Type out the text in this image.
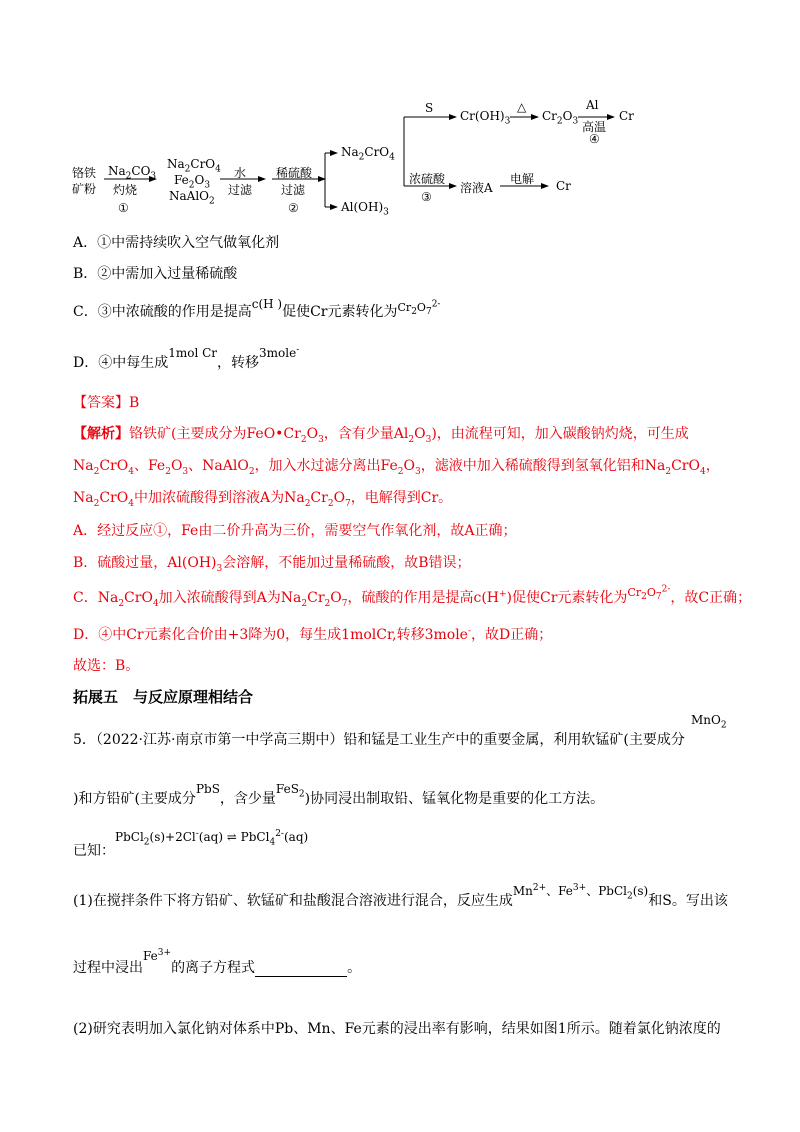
铬铁
矿粉
$Na_2CO_3$
灼烧
①
$Na_2CrO_4$
$Fe_2O_3$
NaAlO$_2$
水
过滤
稀硫酸
过滤
②
$Na_2CrO_4$
$Al(OH)_3$
S
$Cr(OH)_3$
△
$Cr_2O_3$
Al
高温
④
Cr
浓硫酸
③
溶液A
电解 Cr
A．①中需持续吹入空气做氧化剂
B．②中需加入过量稀硫酸
C．③中浓硫酸的作用是提高c(H )促使Cr元素转化为$^{Cr_2O_7^{2-}}$
D．④中每生成1mol Cr，转移3mole-
【答案】B
【解析】铬铁矿(主要成分为$FeO•Cr_2O_3$，含有少量$Al_2O_3$)，由流程可知，加入碳酸钠灼烧，可生成
$Na_2CrO_4$、$Fe_2O_3$、NaAlO$_2$，加入水过滤分离出$Fe_2O_3$，滤液中加入稀硫酸得到氢氧化铝和$Na_2CrO_4$，
$Na_2CrO_4$中加浓硫酸得到溶液A为$Na_2Cr_2O_7$，电解得到Cr。
A．经过反应①，Fe由二价升高为三价，需要空气作氧化剂，故A正确；
B．硫酸过量，$Al(OH)_3$会溶解，不能加过量稀硫酸，故B错误；
C．$Na_2CrO_4$加入浓硫酸得到A为$Na_2Cr_2O_7$，硫酸的作用是提高c(H+)促使Cr元素转化为$^{Cr_2O_7^{2-}}$，故C正确；
D．④中Cr元素化合价由+3降为0，每生成1molCr,转移3mole-，故D正确；
故选：B。
拓展五　与反应原理相结合
5．（2022·江苏·南京市第一中学高三期中）铅和锰是工业生产中的重要金属，利用软锰矿(主要成分
MnO$_2$
)和方铅矿(主要成分PbS，含少量FeS$_2$)协同浸出制取铅、锰氧化物是重要的化工方法。
已知：
PbCl$_2$(s)+2Cl-(aq) ⇌ PbCl$_4^{2-}$(aq)
(1)在搅拌条件下将方铅矿、软锰矿和盐酸混合溶液进行混合，反应生成$Mn^{2+}$、$Fe^{3+}$、PbCl$_2$(s)和S。写出该
过程中浸出$Fe^{3+}$的离子方程式	。
(2)研究表明加入氯化钠对体系中Pb、Mn、Fe元素的浸出率有影响，结果如图1所示。随着氯化钠浓度的
